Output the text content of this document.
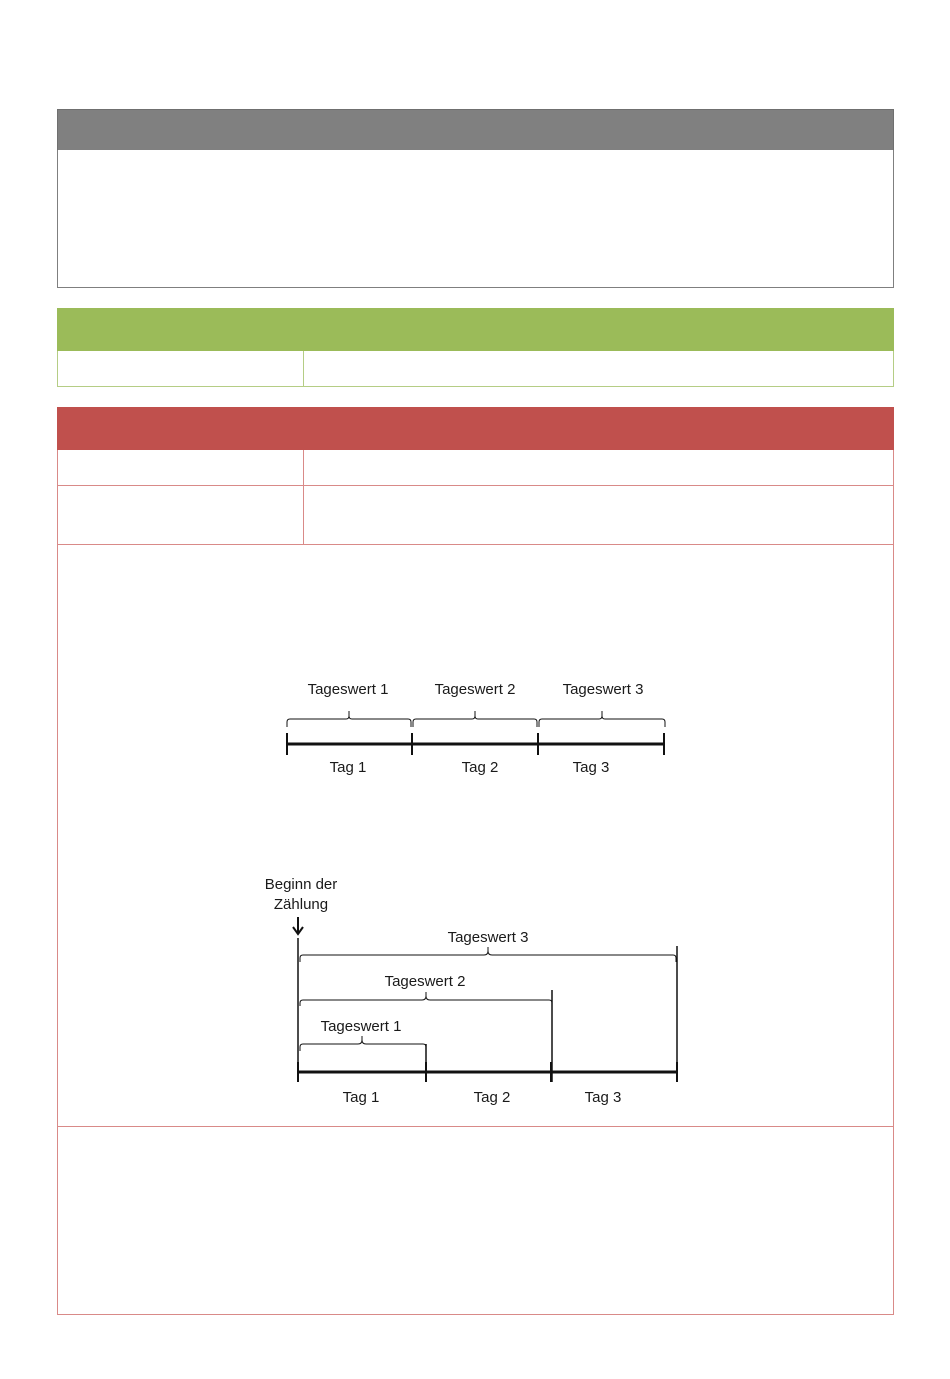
Tageswert 1	Tageswert 2	Tageswert 3
Tag 1	Tag 2	Tag 3
Beginn der
Zählung
Tageswert 3
Tageswert 2
Tageswert 1
Tag 1	Tag 2	Tag 3
